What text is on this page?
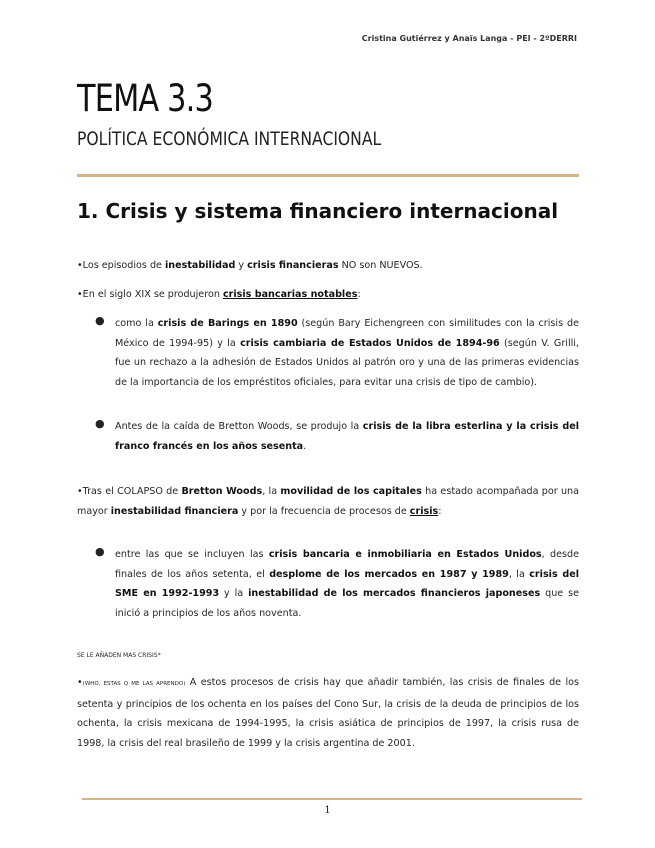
Cristina Gutiérrez y Anaïs Langa - PEI - 2ºDERRI
TEMA 3.3
POLÍTICA ECONÓMICA INTERNACIONAL
1. Crisis y sistema financiero internacional
•Los episodios de inestabilidad y crisis financieras NO son NUEVOS.
•En el siglo XIX se produjeron crisis bancarias notables:
● como la crisis de Barings en 1890 (según Bary Eichengreen con similitudes con la crisis de México de 1994-95) y la crisis cambiaria de Estados Unidos de 1894-96 (según V. Grilli, fue un rechazo a la adhesión de Estados Unidos al patrón oro y una de las primeras evidencias de la importancia de los empréstitos oficiales, para evitar una crisis de tipo de cambio).
● Antes de la caída de Bretton Woods, se produjo la crisis de la libra esterlina y la crisis del franco francés en los años sesenta.
•Tras el COLAPSO de Bretton Woods, la movilidad de los capitales ha estado acompañada por una mayor inestabilidad financiera y por la frecuencia de procesos de crisis:
● entre las que se incluyen las crisis bancaria e inmobiliaria en Estados Unidos, desde finales de los años setenta, el desplome de los mercados en 1987 y 1989, la crisis del SME en 1992-1993 y la inestabilidad de los mercados financieros japoneses que se inició a principios de los años noventa.
SE LE AÑADEN MAS CRISIS*
•(WHO, ESTAS Q ME LAS APRENDO) A estos procesos de crisis hay que añadir también, las crisis de finales de los setenta y principios de los ochenta en los países del Cono Sur, la crisis de la deuda de principios de los ochenta, la crisis mexicana de 1994-1995, la crisis asiática de principios de 1997, la crisis rusa de 1998, la crisis del real brasileño de 1999 y la crisis argentina de 2001.
1
